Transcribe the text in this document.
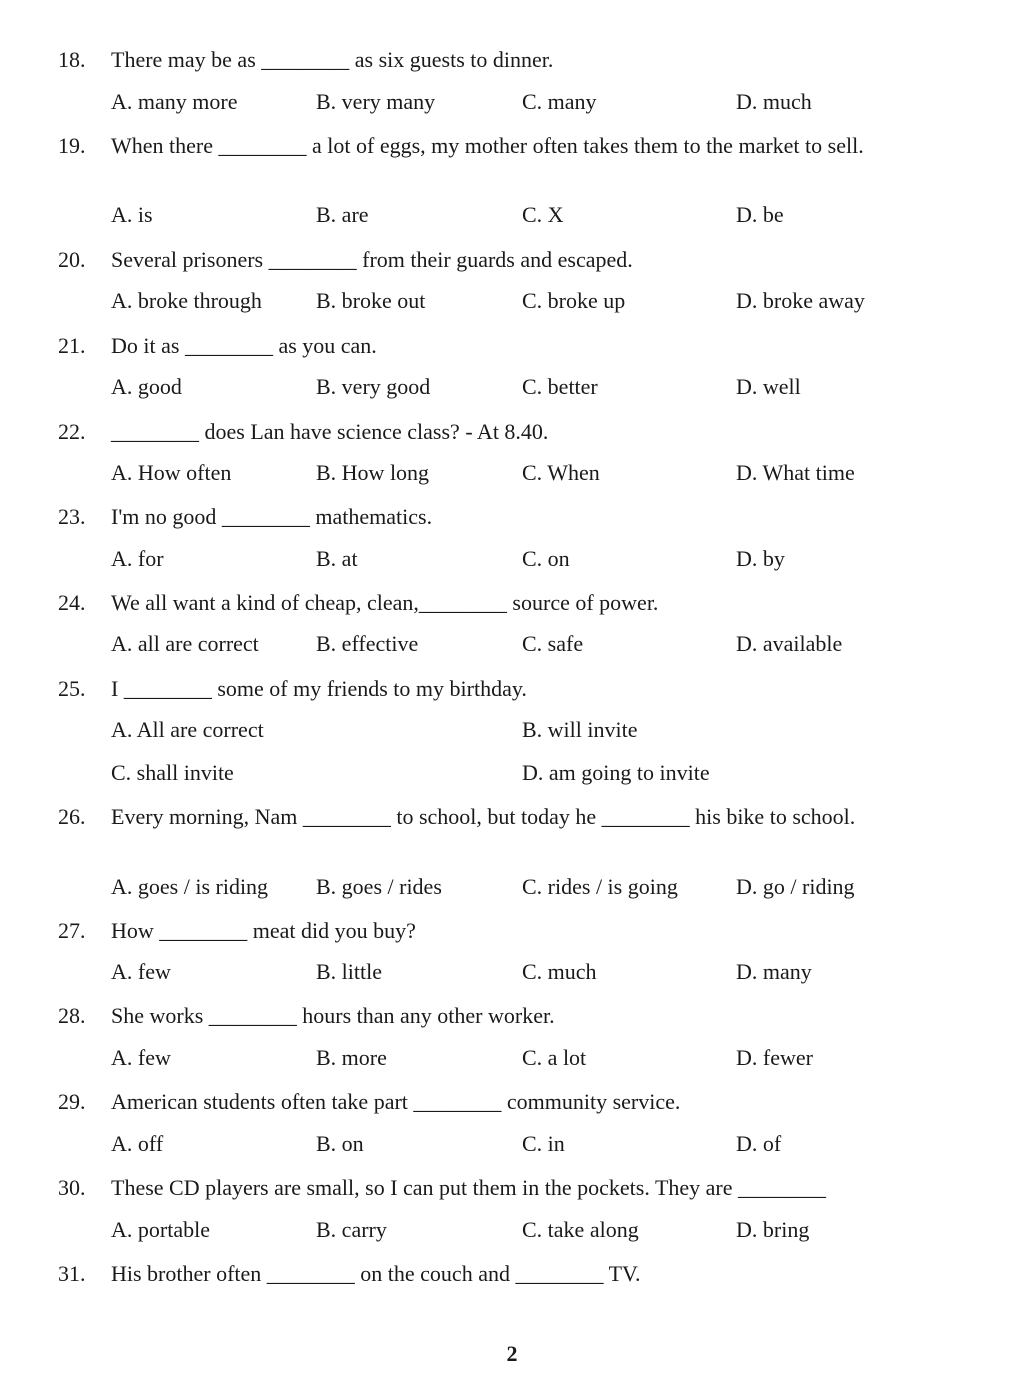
18. There may be as ________ as six guests to dinner.
A. many more	B. very many	C. many	D. much
19. When there ________ a lot of eggs, my mother often takes them to the market to sell.
A. is	B. are	C. X	D. be
20. Several prisoners ________ from their guards and escaped.
A. broke through B. broke out	C. broke up	D. broke away
21. Do it as ________ as you can.
A. good	B. very good	C. better	D. well
22. ________ does Lan have science class? - At 8.40.
A. How often	B. How long	C. When	D. What time
23. I'm no good ________ mathematics.
A. for	B. at	C. on	D. by
24. We all want a kind of cheap, clean,________ source of power.
A. all are correct	B. effective	C. safe	D. available
25. I ________ some of my friends to my birthday.
A. All are correct	B. will invite
C. shall invite	D. am going to invite
26. Every morning, Nam ________ to school, but today he ________ his bike to school.
A. goes / is riding B. goes / rides	C. rides / is going	D. go / riding
27. How ________ meat did you buy?
A. few	B. little	C. much	D. many
28. She works ________ hours than any other worker.
A. few	B. more	C. a lot	D. fewer
29. American students often take part ________ community service.
A. off	B. on	C. in	D. of
30. These CD players are small, so I can put them in the pockets. They are ________
A. portable	B. carry	C. take along	D. bring
31. His brother often ________ on the couch and ________ TV.
2
